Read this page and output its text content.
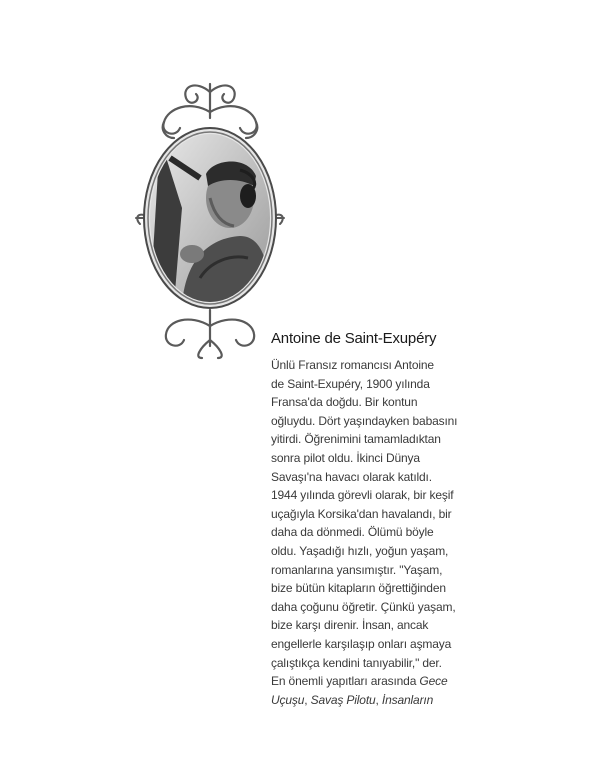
Antoine de Saint-Exupéry
Ünlü Fransız romancısı Antoine
de Saint-Exupéry, 1900 yılında
Fransa'da doğdu. Bir kontun
oğluydu. Dört yaşındayken babasını
yitirdi. Öğrenimini tamamladıktan
sonra pilot oldu. İkinci Dünya
Savaşı'na havacı olarak katıldı.
1944 yılında görevli olarak, bir keşif
uçağıyla Korsika'dan havalandı, bir
daha da dönmedi. Ölümü böyle
oldu. Yaşadığı hızlı, yoğun yaşam,
romanlarına yansımıştır. "Yaşam,
bize bütün kitapların öğrettiğinden
daha çoğunu öğretir. Çünkü yaşam,
bize karşı direnir. İnsan, ancak
engellerle karşılaşıp onları aşmaya
çalıştıkça kendini tanıyabilir," der.
En önemli yapıtları arasında Gece
Uçuşu, Savaş Pilotu, İnsanların
